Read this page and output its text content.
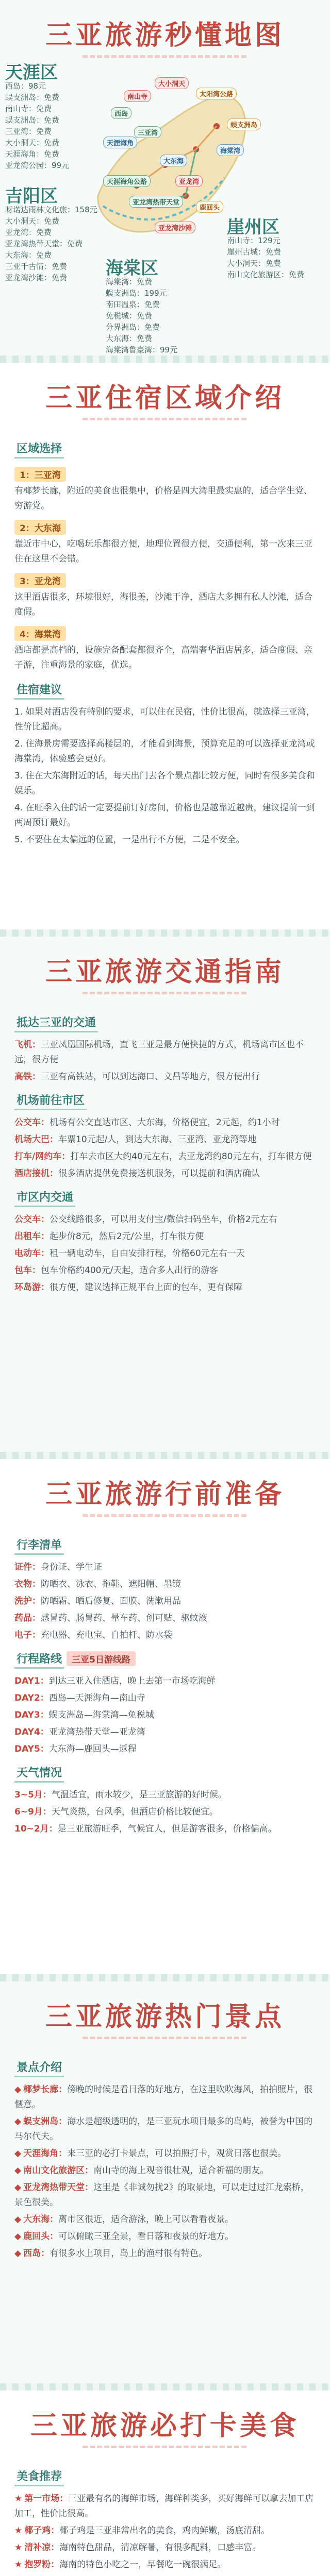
三亚旅游秒懂地图
南山寺
西岛
大小洞天
天涯海角
三亚湾
太阳湾公路
大东海
亚龙湾
亚龙湾热带天堂
蜈支洲岛
海棠湾
鹿回头
亚龙湾沙滩
天涯海角公路
天涯区
西岛：98元
蜈支洲岛：免费
南山寺：免费
蜈支洲岛：免费
三亚湾：免费
大小洞天：免费
天涯海角：免费
亚龙湾公园：99元
吉阳区
呀诺达雨林文化旅：158元
大小洞天：免费
亚龙湾：免费
亚龙湾热带天堂：免费
大东海：免费
三亚千古情：免费
亚龙湾沙滩：免费	海棠区
海棠湾：免费
蜈支洲岛：199元
南田温泉：免费
免税城：免费
分界洲岛：免费
大东海：免费
海棠湾鲁豪湾：99元
崖州区
南山寺：129元
崖州古城：免费
大小洞天：免费
南山文化旅游区：免费
三亚住宿区域介绍
区域选择
1：三亚湾
有椰梦长廊，附近的美食也很集中，价格是四大湾里最实惠的，适合学生党、穷游党。
2：大东海
靠近市中心，吃喝玩乐都很方便，地理位置很方便，交通便利，第一次来三亚住在这里不会错。
3：亚龙湾
这里酒店很多，环境很好，海很美，沙滩干净，酒店大多拥有私人沙滩，适合度假。
4：海棠湾
酒店都是高档的，设施完备配套都很齐全，高端奢华酒店居多，适合度假、亲子游，注重海景的家庭，优选。
住宿建议
1. 如果对酒店没有特别的要求，可以住在民宿，性价比很高，就选择三亚湾，性价比超高。
2. 住海景房需要选择高楼层的，才能看到海景，预算充足的可以选择亚龙湾或海棠湾，体验感会更好。
3. 住在大东海附近的话，每天出门去各个景点都比较方便，同时有很多美食和娱乐。
4. 在旺季入住的话一定要提前订好房间，价格也是越靠近越贵，建议提前一到两周预订最好。
5. 不要住在太偏远的位置，一是出行不方便，二是不安全。
三亚旅游交通指南
抵达三亚的交通
飞机：三亚凤凰国际机场，直飞三亚是最方便快捷的方式，机场离市区也不远，很方便
高铁：三亚有高铁站，可以到达海口、文昌等地方，很方便出行
机场前往市区
公交车：机场有公交直达市区、大东海，价格便宜，2元起，约1小时
机场大巴：车票10元起/人，到达大东海、三亚湾、亚龙湾等地
打车/网约车：打车去市区大约40元左右，去亚龙湾约80元左右，打车很方便
酒店接机：很多酒店提供免费接送机服务，可以提前和酒店确认
市区内交通
公交车：公交线路很多，可以用支付宝/微信扫码坐车，价格2元左右
出租车：起步价8元，然后2元/公里，打车很方便
电动车：租一辆电动车，自由安排行程，价格60元左右一天
包车：包车价格约400元/天起，适合多人出行的游客
环岛游：很方便，建议选择正规平台上面的包车，更有保障
三亚旅游行前准备
行李清单
证件：身份证、学生证
衣物：防晒衣、泳衣、拖鞋、遮阳帽、墨镜
洗护：防晒霜、晒后修复、面膜、洗漱用品
药品：感冒药、肠胃药、晕车药、创可贴、驱蚊液
电子：充电器、充电宝、自拍杆、防水袋
行程路线 三亚5日游线路
DAY1：到达三亚入住酒店，晚上去第一市场吃海鲜
DAY2：西岛—天涯海角—南山寺
DAY3：蜈支洲岛—海棠湾—免税城
DAY4：亚龙湾热带天堂—亚龙湾
DAY5：大东海—鹿回头—返程
天气情况
3~5月：气温适宜，雨水较少，是三亚旅游的好时候。
6~9月：天气炎热，台风季，但酒店价格比较便宜。
10~2月：是三亚旅游旺季，气候宜人，但是游客很多，价格偏高。
三亚旅游热门景点
景点介绍
◆ 椰梦长廊：傍晚的时候是看日落的好地方，在这里吹吹海风，拍拍照片，很惬意。
◆ 蜈支洲岛：海水是超级透明的，是三亚玩水项目最多的岛屿，被誉为中国的马尔代夫。
◆ 天涯海角：来三亚的必打卡景点，可以拍照打卡，观赏日落也很美。
◆ 南山文化旅游区：南山寺的海上观音很壮观，适合祈福的朋友。
◆ 亚龙湾热带天堂：这里是《非诚勿扰2》的取景地，可以走过过江龙索桥，景色很美。
◆ 大东海：离市区很近，适合游泳，晚上可以看看夜景。
◆ 鹿回头：可以俯瞰三亚全景，看日落和夜景的好地方。
◆ 西岛：有很多水上项目，岛上的渔村很有特色。
三亚旅游必打卡美食
美食推荐
★ 第一市场：三亚最有名的海鲜市场，海鲜种类多，买好海鲜可以拿去加工店加工，性价比很高。
★ 椰子鸡：椰子鸡是三亚非常出名的美食，鸡肉鲜嫩，汤底清甜。
★ 清补凉：海南特色甜品，清凉解暑，有很多配料，口感丰富。
★ 抱罗粉：海南的特色小吃之一，早餐吃一碗很满足。
